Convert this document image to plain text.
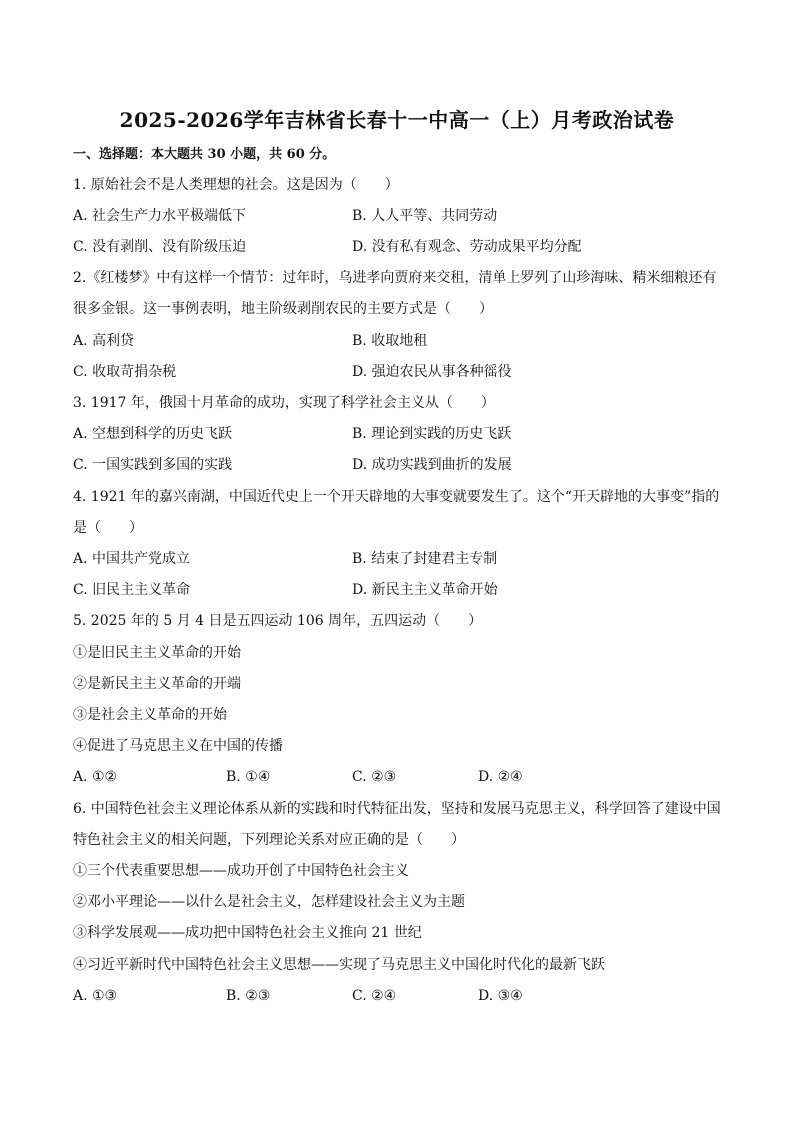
2025-2026学年吉林省长春十一中高一（上）月考政治试卷
一、选择题：本大题共 30 小题，共 60 分。
1. 原始社会不是人类理想的社会。这是因为（　　）
A. 社会生产力水平极端低下	B. 人人平等、共同劳动
C. 没有剥削、没有阶级压迫	D. 没有私有观念、劳动成果平均分配
2.《红楼梦》中有这样一个情节：过年时，乌进孝向贾府来交租，清单上罗列了山珍海味、精米细粮还有
很多金银。这一事例表明，地主阶级剥削农民的主要方式是（　　）
A. 高利贷	B. 收取地租
C. 收取苛捐杂税	D. 强迫农民从事各种徭役
3. 1917 年，俄国十月革命的成功，实现了科学社会主义从（　　）
A. 空想到科学的历史飞跃	B. 理论到实践的历史飞跃
C. 一国实践到多国的实践	D. 成功实践到曲折的发展
4. 1921 年的嘉兴南湖，中国近代史上一个开天辟地的大事变就要发生了。这个“开天辟地的大事变”指的
是（　　）
A. 中国共产党成立	B. 结束了封建君主专制
C. 旧民主主义革命	D. 新民主主义革命开始
5. 2025 年的 5 月 4 日是五四运动 106 周年，五四运动（　　）
①是旧民主主义革命的开始
②是新民主主义革命的开端
③是社会主义革命的开始
④促进了马克思主义在中国的传播
A. ①②	B. ①④	C. ②③	D. ②④
6. 中国特色社会主义理论体系从新的实践和时代特征出发，坚持和发展马克思主义，科学回答了建设中国
特色社会主义的相关问题，下列理论关系对应正确的是（　　）
①三个代表重要思想——成功开创了中国特色社会主义
②邓小平理论——以什么是社会主义，怎样建设社会主义为主题
③科学发展观——成功把中国特色社会主义推向 21 世纪
④习近平新时代中国特色社会主义思想——实现了马克思主义中国化时代化的最新飞跃
A. ①③	B. ②③	C. ②④	D. ③④
